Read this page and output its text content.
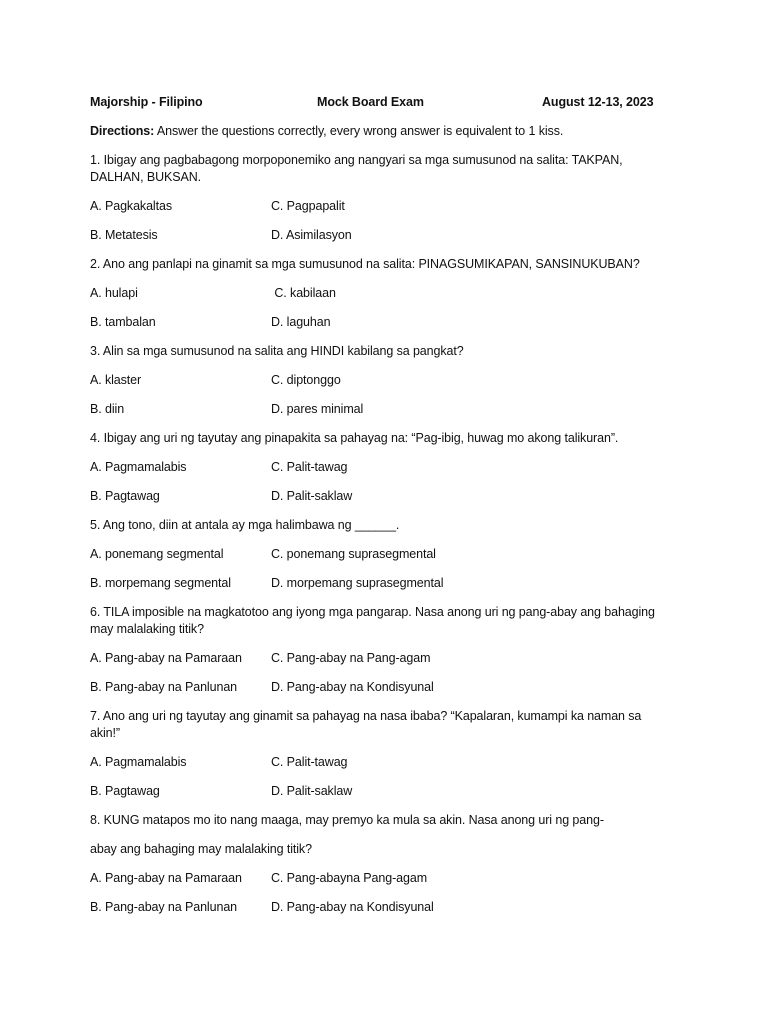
Majorship - Filipino	Mock Board Exam	August 12-13, 2023
Directions: Answer the questions correctly, every wrong answer is equivalent to 1 kiss.
1. Ibigay ang pagbabagong morpoponemiko ang nangyari sa mga sumusunod na salita: TAKPAN, DALHAN, BUKSAN.
A. Pagkakaltas	C. Pagpapalit
B. Metatesis	D. Asimilasyon
2. Ano ang panlapi na ginamit sa mga sumusunod na salita: PINAGSUMIKAPAN, SANSINUKUBAN?
A. hulapi	C. kabilaan
B. tambalan	D. laguhan
3. Alin sa mga sumusunod na salita ang HINDI kabilang sa pangkat?
A. klaster	C. diptonggo
B. diin	D. pares minimal
4. Ibigay ang uri ng tayutay ang pinapakita sa pahayag na: “Pag-ibig, huwag mo akong talikuran”.
A. Pagmamalabis	C. Palit-tawag
B. Pagtawag	D. Palit-saklaw
5. Ang tono, diin at antala ay mga halimbawa ng ______.
A. ponemang segmental	C. ponemang suprasegmental
B. morpemang segmental	D. morpemang suprasegmental
6. TILA imposible na magkatotoo ang iyong mga pangarap. Nasa anong uri ng pang-abay ang bahaging may malalaking titik?
A. Pang-abay na Pamaraan C. Pang-abay na Pang-agam
B. Pang-abay na Panlunan	D. Pang-abay na Kondisyunal
7. Ano ang uri ng tayutay ang ginamit sa pahayag na nasa ibaba? “Kapalaran, kumampi ka naman sa akin!”
A. Pagmamalabis	C. Palit-tawag
B. Pagtawag	D. Palit-saklaw
8. KUNG matapos mo ito nang maaga, may premyo ka mula sa akin. Nasa anong uri ng pang-
abay ang bahaging may malalaking titik?
A. Pang-abay na Pamaraan C. Pang-abayna Pang-agam
B. Pang-abay na Panlunan	D. Pang-abay na Kondisyunal
